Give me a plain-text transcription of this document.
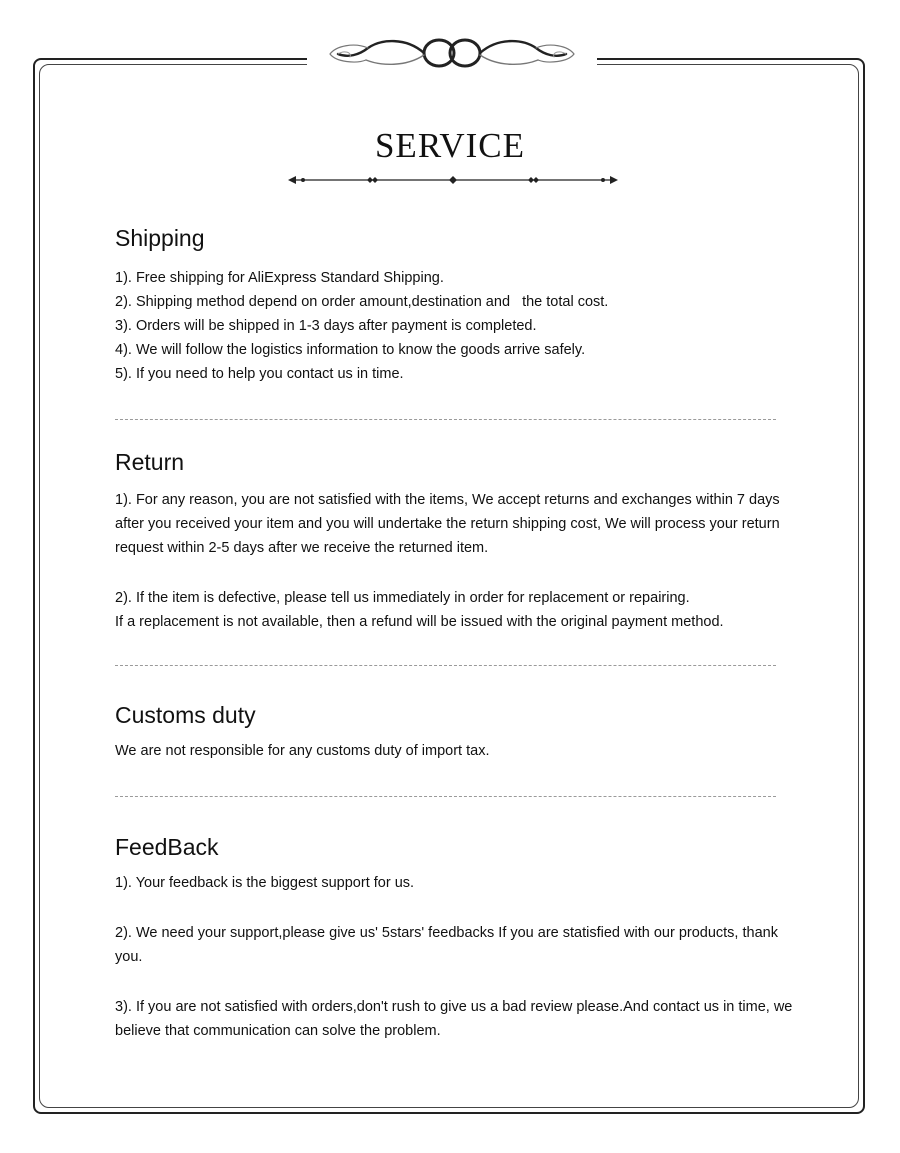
SERVICE
Shipping

1). Free shipping for AliExpress Standard Shipping.

2). Shipping method depend on order amount,destination and   the total cost.

3). Orders will be shipped in 1-3 days after payment is completed.

4). We will follow the logistics information to know the goods arrive safely.

5). If you need to help you contact us in time.

Return

1). For any reason, you are not satisfied with the items, We accept returns and exchanges within 7 days after you received your item and you will undertake the return shipping cost, We will process your return request within 2-5 days after we receive the returned item.

2). If the item is defective, please tell us immediately in order for replacement or repairing.

If a replacement is not available, then a refund will be issued with the original payment method.

Customs duty

We are not responsible for any customs duty of import tax.

FeedBack

1). Your feedback is the biggest support for us.

2). We need your support,please give us' 5stars' feedbacks If you are statisfied with our products, thank you.

3). If you are not satisfied with orders,don't rush to give us a bad review please.And contact us in time, we believe that communication can solve the problem.
